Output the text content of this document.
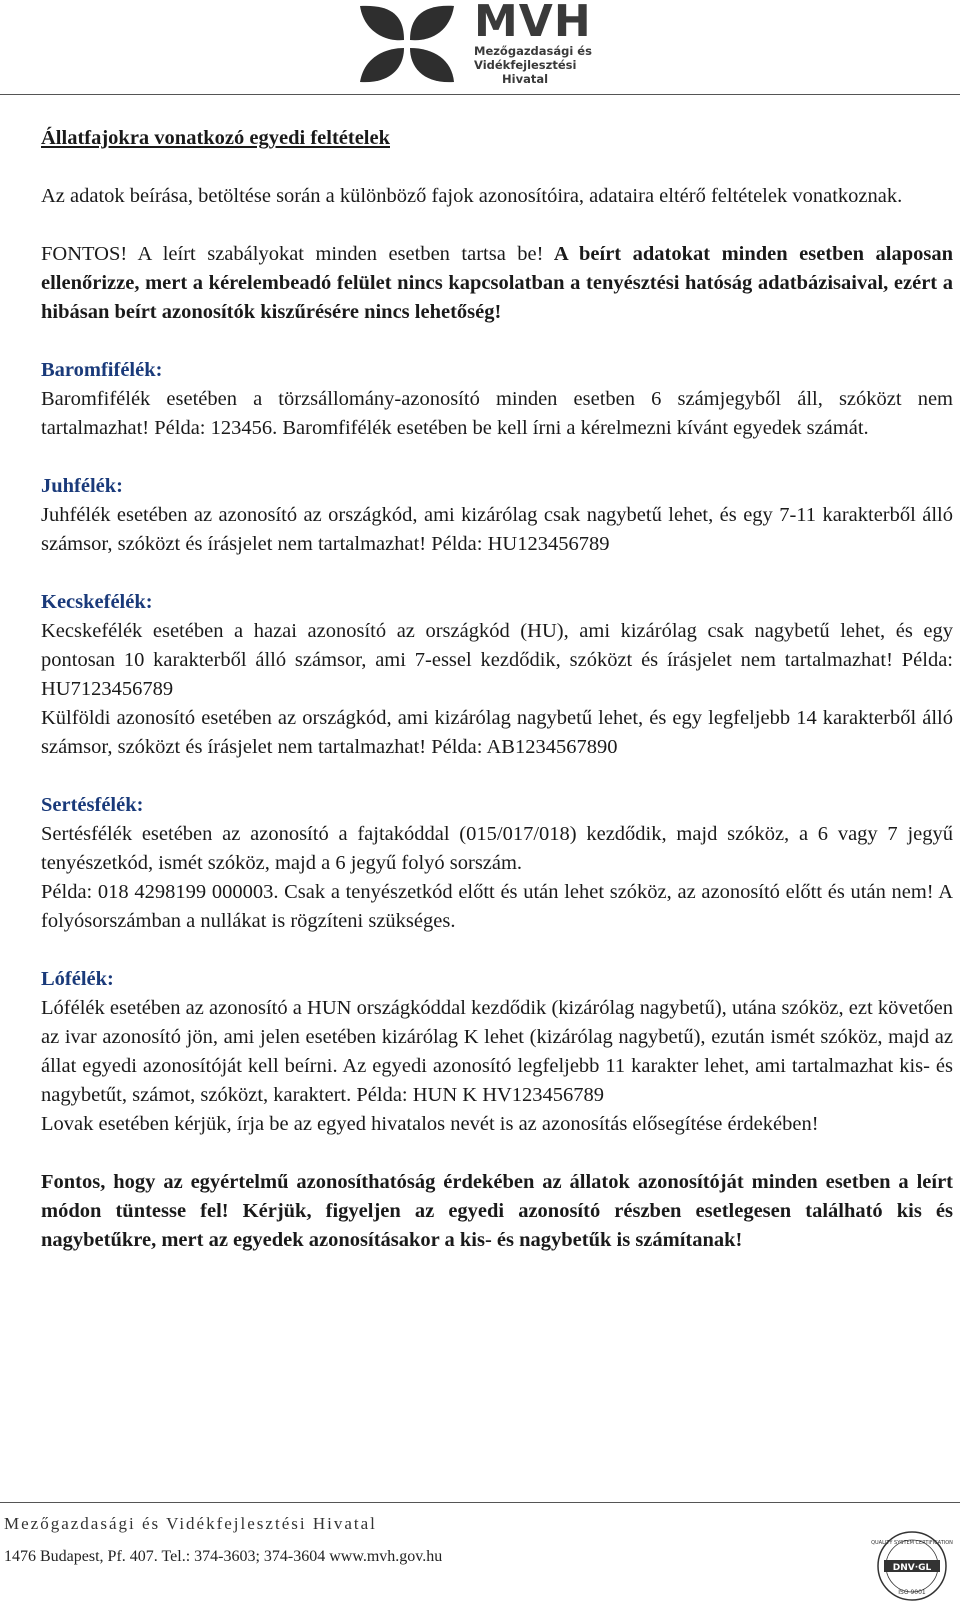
MVH
Mezőgazdasági és
Vidékfejlesztési
Hivatal

Állatfajokra vonatkozó egyedi feltételek

Az adatok beírása, betöltése során a különböző fajok azonosítóira, adataira eltérő feltételek vonatkoznak.

FONTOS! A leírt szabályokat minden esetben tartsa be! A beírt adatokat minden esetben alaposan ellenőrizze, mert a kérelembeadó felület nincs kapcsolatban a tenyésztési hatóság adatbázisaival, ezért a hibásan beírt azonosítók kiszűrésére nincs lehetőség!

Baromfifélék:

Baromfifélék esetében a törzsállomány-azonosító minden esetben 6 számjegyből áll, szóközt nem tartalmazhat! Példa: 123456. Baromfifélék esetében be kell írni a kérelmezni kívánt egyedek számát.

Juhfélék:

Juhfélék esetében az azonosító az országkód, ami kizárólag csak nagybetű lehet, és egy 7-11 karakterből álló számsor, szóközt és írásjelet nem tartalmazhat! Példa: HU123456789

Kecskefélék:

Kecskefélék esetében a hazai azonosító az országkód (HU), ami kizárólag csak nagybetű lehet, és egy pontosan 10 karakterből álló számsor, ami 7-essel kezdődik, szóközt és írásjelet nem tartalmazhat! Példa: HU7123456789

Külföldi azonosító esetében az országkód, ami kizárólag nagybetű lehet, és egy legfeljebb 14 karakterből álló számsor, szóközt és írásjelet nem tartalmazhat! Példa: AB1234567890

Sertésfélék:

Sertésfélék esetében az azonosító a fajtakóddal (015/017/018) kezdődik, majd szóköz, a 6 vagy 7 jegyű tenyészetkód, ismét szóköz, majd a 6 jegyű folyó sorszám.

Példa: 018 4298199 000003. Csak a tenyészetkód előtt és után lehet szóköz, az azonosító előtt és után nem! A folyósorszámban a nullákat is rögzíteni szükséges.

Lófélék:

Lófélék esetében az azonosító a HUN országkóddal kezdődik (kizárólag nagybetű), utána szóköz, ezt követően az ivar azonosító jön, ami jelen esetében kizárólag K lehet (kizárólag nagybetű), ezután ismét szóköz, majd az állat egyedi azonosítóját kell beírni. Az egyedi azonosító legfeljebb 11 karakter lehet, ami tartalmazhat kis- és nagybetűt, számot, szóközt, karaktert. Példa: HUN K HV123456789

Lovak esetében kérjük, írja be az egyed hivatalos nevét is az azonosítás elősegítése érdekében!

Fontos, hogy az egyértelmű azonosíthatóság érdekében az állatok azonosítóját minden esetben a leírt módon tüntesse fel! Kérjük, figyeljen az egyedi azonosító részben esetlegesen található kis és nagybetűkre, mert az egyedek azonosításakor a kis- és nagybetűk is számítanak!

Mezőgazdasági és Vidékfejlesztési Hivatal
1476 Budapest, Pf. 407. Tel.: 374-3603; 374-3604 www.mvh.gov.hu
DNV·GL
QUALITY SYSTEM CERTIFICATION
ISO 9001
